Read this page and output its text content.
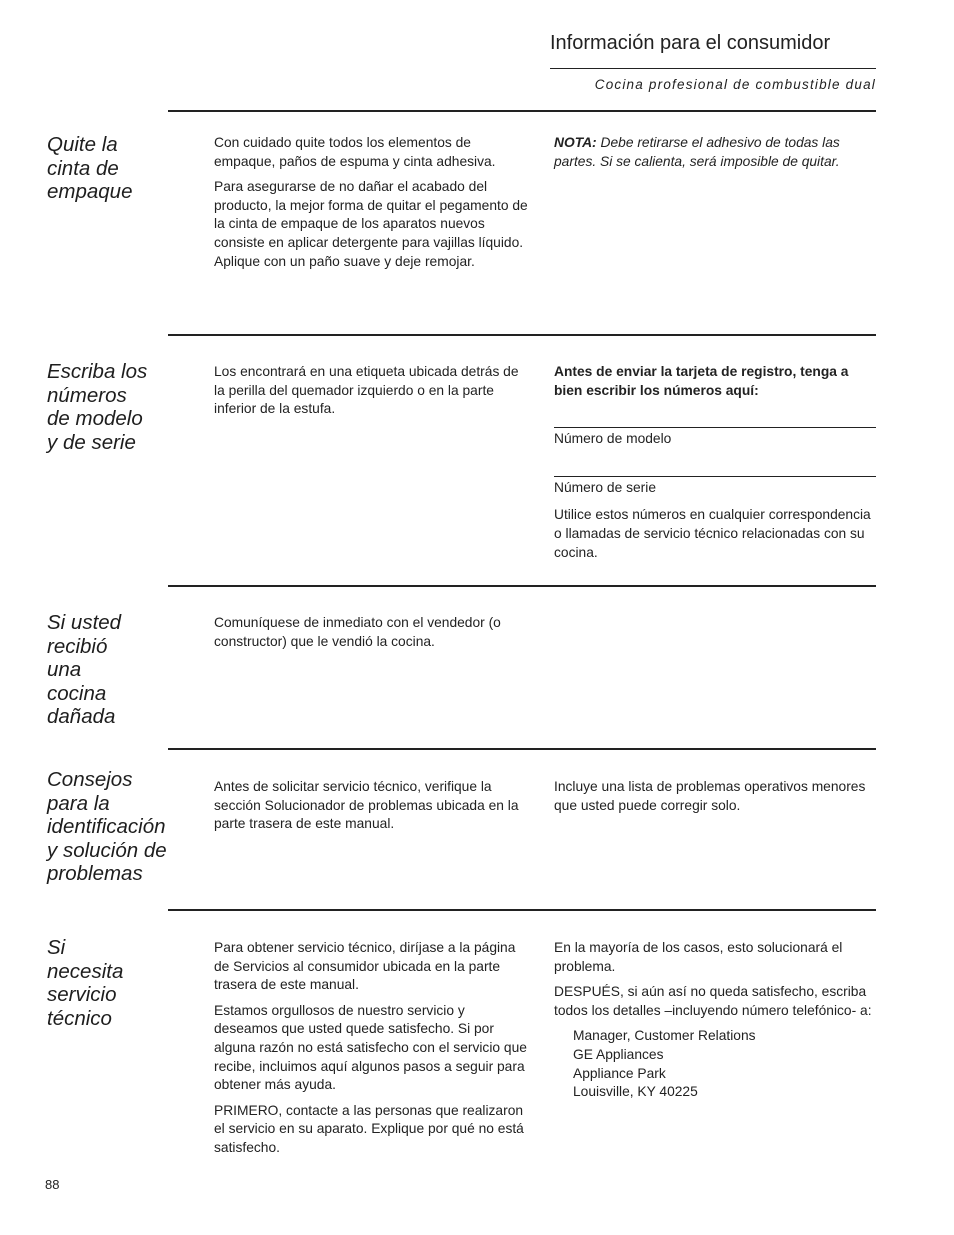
Información para el consumidor
Cocina profesional de combustible dual
Quite la
cinta de
empaque

Con cuidado quite todos los elementos de empaque, paños de espuma y cinta adhesiva.

Para asegurarse de no dañar el acabado del producto, la mejor forma de quitar el pegamento de la cinta de empaque de los aparatos nuevos consiste en aplicar detergente para vajillas líquido. Aplique con un paño suave y deje remojar.

NOTA: Debe retirarse el adhesivo de todas las partes. Si se calienta, será imposible de quitar.

Escriba los
números
de modelo
y de serie

Los encontrará en una etiqueta ubicada detrás de la perilla del quemador izquierdo o en la parte inferior de la estufa.

Antes de enviar la tarjeta de registro, tenga a bien escribir los números aquí:

Número de modelo
Número de serie

Utilice estos números en cualquier correspondencia o llamadas de servicio técnico relacionadas con su cocina.

Si usted
recibió
una
cocina
dañada

Comuníquese de inmediato con el vendedor (o constructor) que le vendió la cocina.

Consejos
para la
identificación
y solución de
problemas

Antes de solicitar servicio técnico, verifique la sección Solucionador de problemas ubicada en la parte trasera de este manual.

Incluye una lista de problemas operativos menores que usted puede corregir solo.

Si
necesita
servicio
técnico

Para obtener servicio técnico, diríjase a la página de Servicios al consumidor ubicada en la parte trasera de este manual.

Estamos orgullosos de nuestro servicio y deseamos que usted quede satisfecho. Si por alguna razón no está satisfecho con el servicio que recibe, incluimos aquí algunos pasos a seguir para obtener más ayuda.

PRIMERO, contacte a las personas que realizaron el servicio en su aparato. Explique por qué no está satisfecho.

En la mayoría de los casos, esto solucionará el problema.

DESPUÉS, si aún así no queda satisfecho, escriba todos los detalles –incluyendo número telefónico- a:

Manager, Customer Relations
GE Appliances
Appliance Park
Louisville, KY 40225
88
